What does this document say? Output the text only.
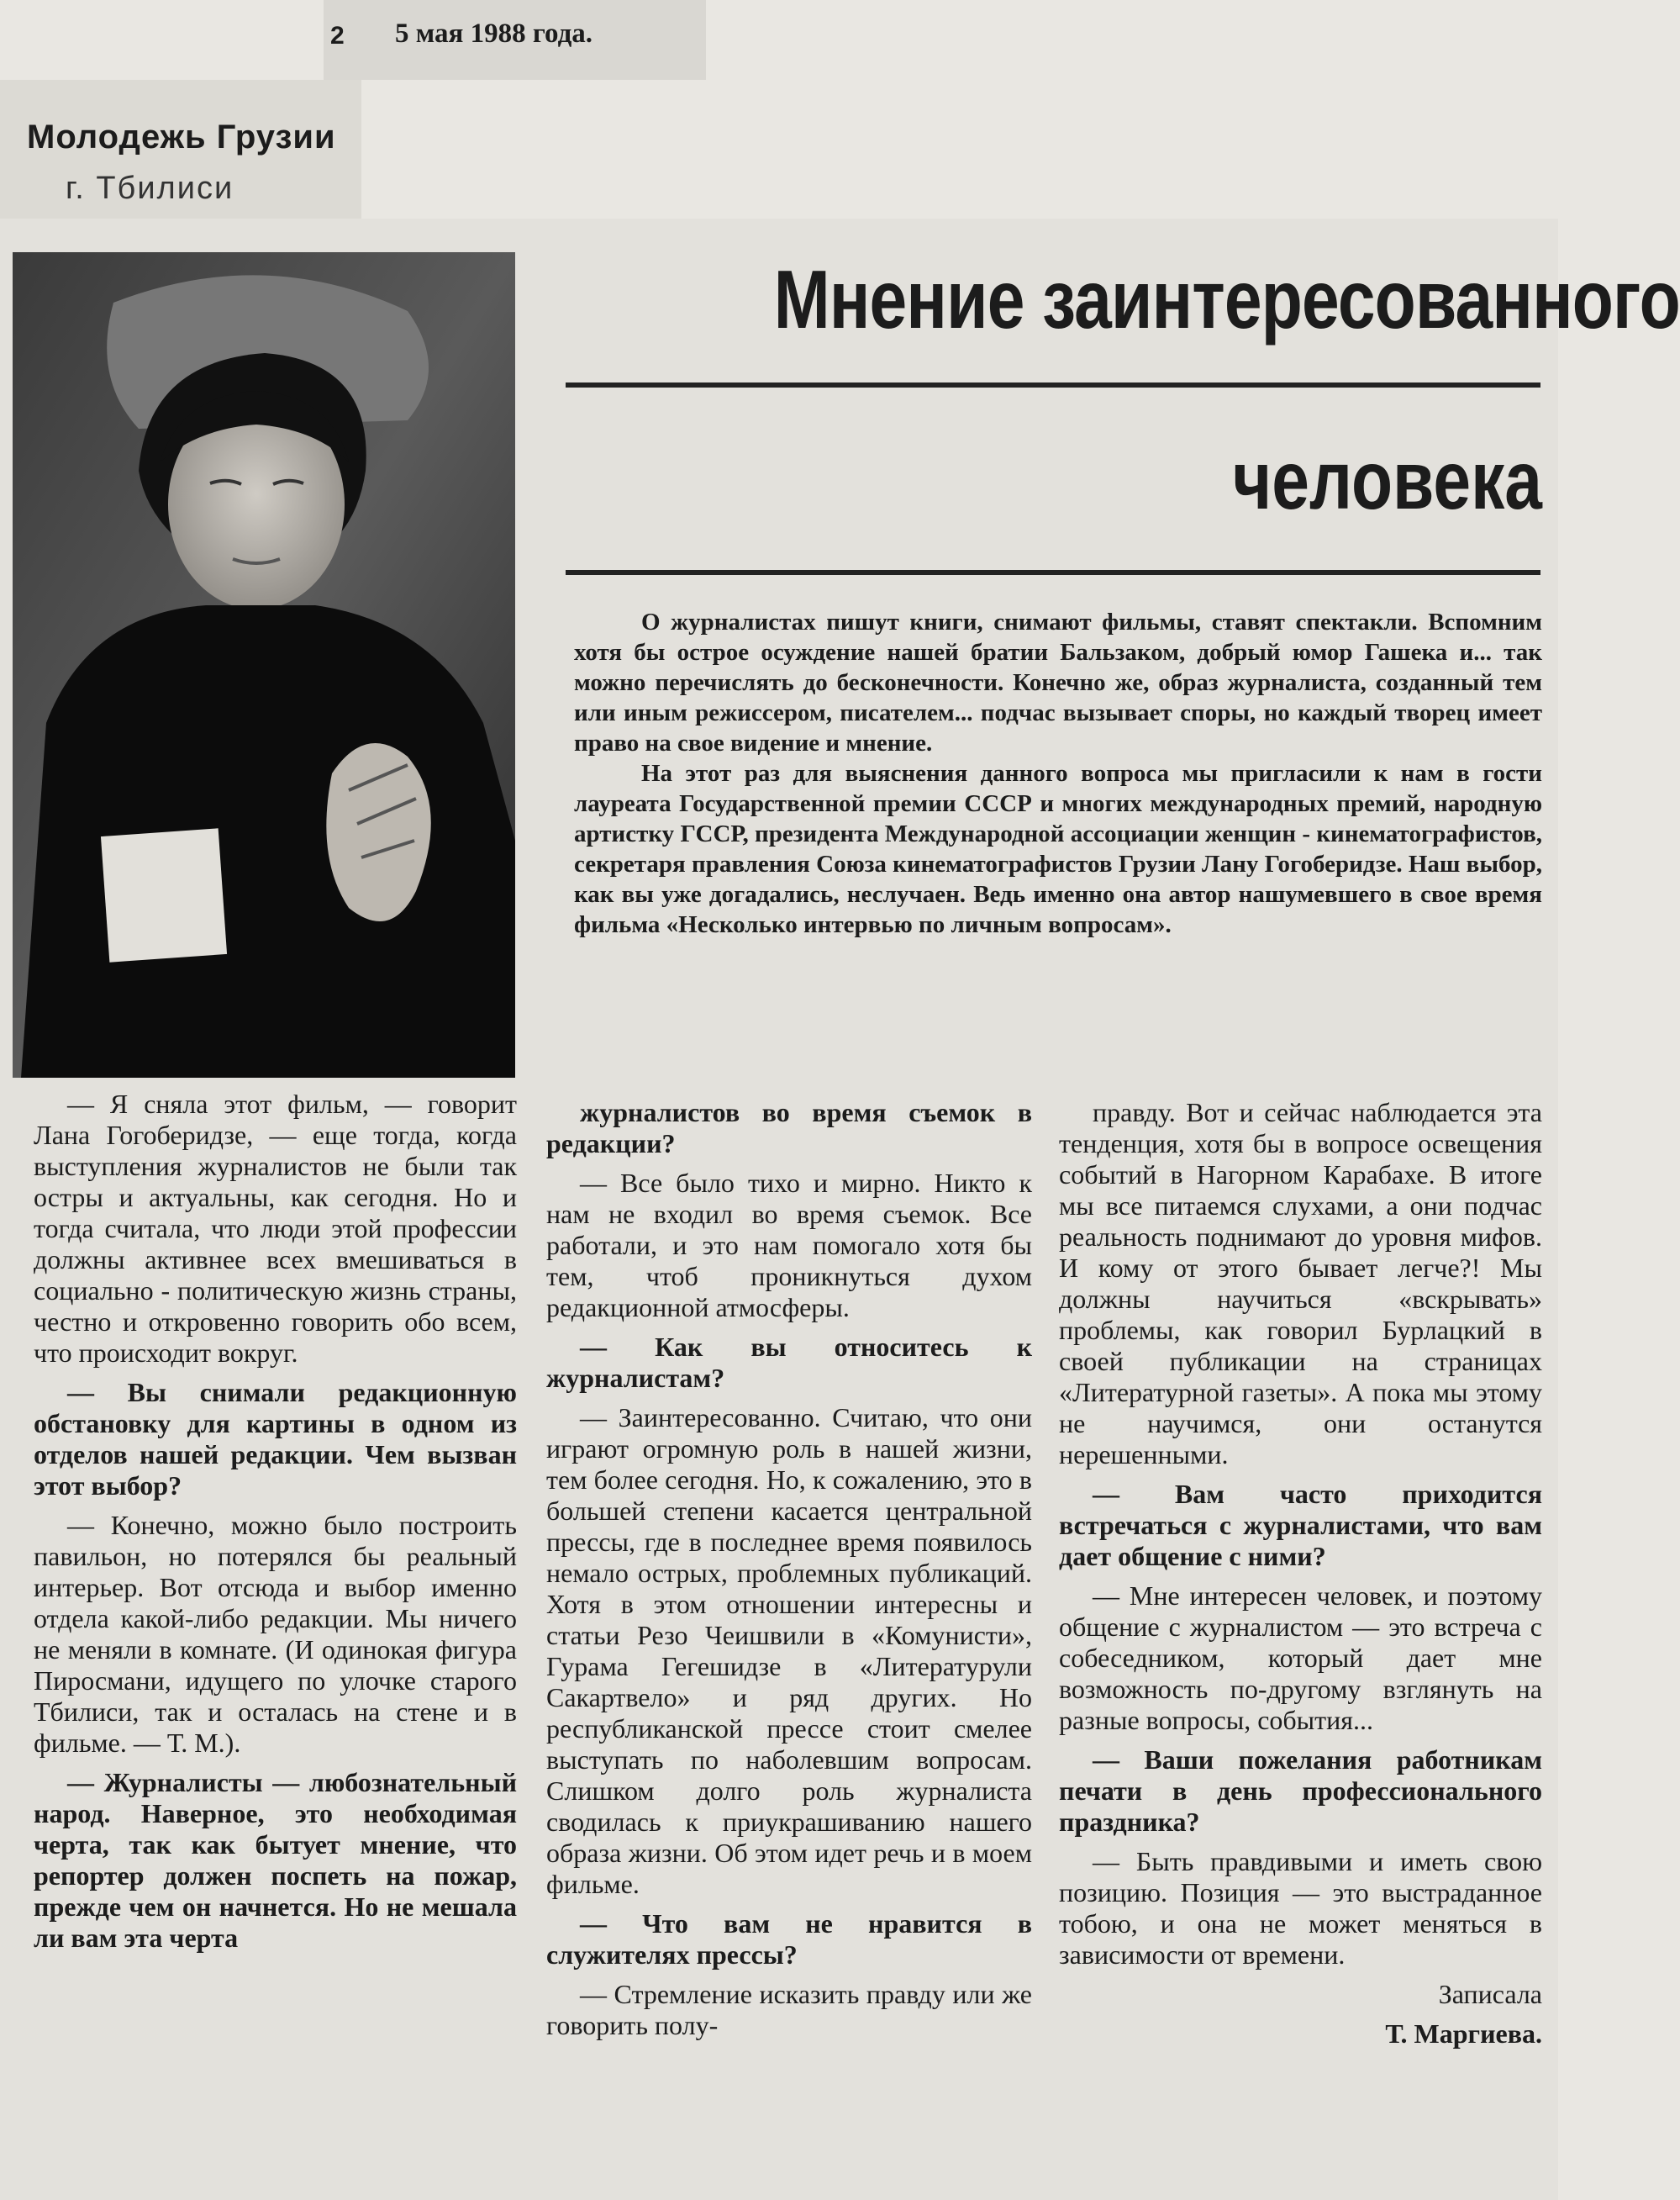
2 5 мая 1988 года.
Молодежь Грузии
г. Тбилиси
Мнение заинтересованного
человека

О журналистах пишут книги, снимают фильмы, ставят спектакли. Вспомним хотя бы острое осуждение нашей братии Бальзаком, добрый юмор Гашека и... так можно перечислять до бесконечности. Конечно же, образ журналиста, созданный тем или иным режиссером, писателем... подчас вызывает споры, но каждый творец имеет право на свое видение и мнение.

На этот раз для выяснения данного вопроса мы пригласили к нам в гости лауреата Государственной премии СССР и многих международных премий, народную артистку ГССР, президента Международной ассоциации женщин - кинематографистов, секретаря правления Союза кинематографистов Грузии Лану Гогоберидзе. Наш выбор, как вы уже догадались, неслучаен. Ведь именно она автор нашумевшего в свое время фильма «Несколько интервью по личным вопросам».

— Я сняла этот фильм, — говорит Лана Гогоберидзе, — еще тогда, когда выступления журналистов не были так остры и актуальны, как сегодня. Но и тогда считала, что люди этой профессии должны активнее всех вмешиваться в социально - политическую жизнь страны, честно и откровенно говорить обо всем, что происходит вокруг.

— Вы снимали редакционную обстановку для картины в одном из отделов нашей редакции. Чем вызван этот выбор?

— Конечно, можно было построить павильон, но потерялся бы реальный интерьер. Вот отсюда и выбор именно отдела какой-либо редакции. Мы ничего не меняли в комнате. (И одинокая фигура Пиросмани, идущего по улочке старого Тбилиси, так и осталась на стене и в фильме. — Т. М.).

— Журналисты — любознательный народ. Наверное, это необходимая черта, так как бытует мнение, что репортер должен поспеть на пожар, прежде чем он начнется. Но не мешала ли вам эта черта

журналистов во время съемок в редакции?

— Все было тихо и мирно. Никто к нам не входил во время съемок. Все работали, и это нам помогало хотя бы тем, чтоб проникнуться духом редакционной атмосферы.

— Как вы относитесь к журналистам?

— Заинтересованно. Считаю, что они играют огромную роль в нашей жизни, тем более сегодня. Но, к сожалению, это в большей степени касается центральной прессы, где в последнее время появилось немало острых, проблемных публикаций. Хотя в этом отношении интересны и статьи Резо Чеишвили в «Комунисти», Гурама Гегешидзе в «Литературули Сакартвело» и ряд других. Но республиканской прессе стоит смелее выступать по наболевшим вопросам. Слишком долго роль журналиста сводилась к приукрашиванию нашего образа жизни. Об этом идет речь и в моем фильме.

— Что вам не нравится в служителях прессы?

— Стремление исказить правду или же говорить полу-

правду. Вот и сейчас наблюдается эта тенденция, хотя бы в вопросе освещения событий в Нагорном Карабахе. В итоге мы все питаемся слухами, а они подчас реальность поднимают до уровня мифов. И кому от этого бывает легче?! Мы должны научиться «вскрывать» проблемы, как говорил Бурлацкий в своей публикации на страницах «Литературной газеты». А пока мы этому не научимся, они останутся нерешенными.

— Вам часто приходится встречаться с журналистами, что вам дает общение с ними?

— Мне интересен человек, и поэтому общение с журналистом — это встреча с собеседником, который дает мне возможность по-другому взглянуть на разные вопросы, события...

— Ваши пожелания работникам печати в день профессионального праздника?

— Быть правдивыми и иметь свою позицию. Позиция — это выстраданное тобою, и она не может меняться в зависимости от времени.

Записала

Т. Маргиева.
